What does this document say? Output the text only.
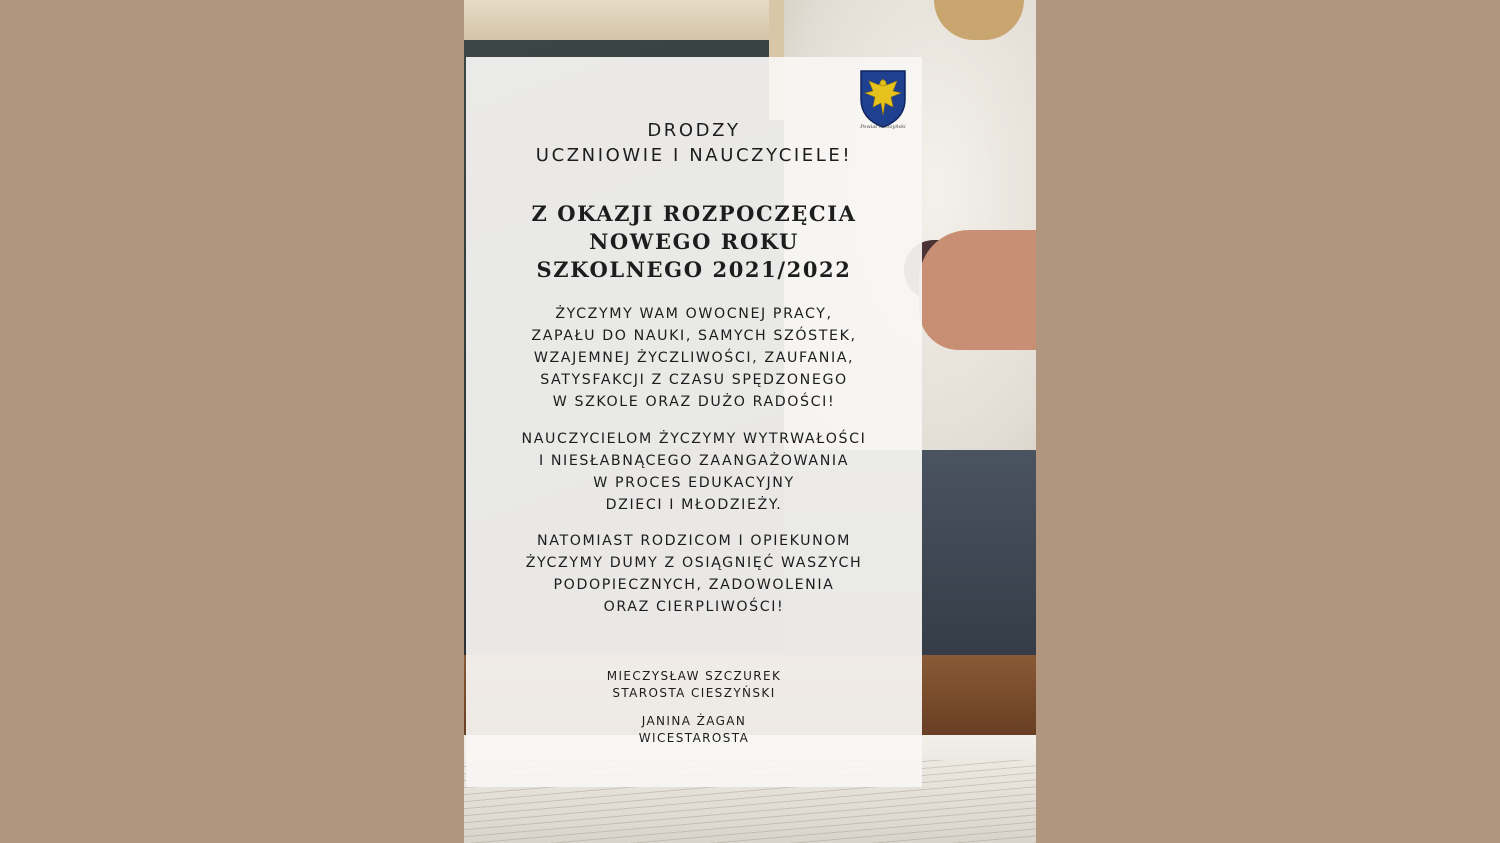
Powiat Cieszyński

DRODZY
UCZNIOWIE I NAUCZYCIELE!

Z OKAZJI ROZPOCZĘCIA
NOWEGO ROKU
SZKOLNEGO 2021/2022

ŻYCZYMY WAM OWOCNEJ PRACY,
ZAPAŁU DO NAUKI, SAMYCH SZÓSTEK,
WZAJEMNEJ ŻYCZLIWOŚCI, ZAUFANIA,
SATYSFAKCJI Z CZASU SPĘDZONEGO
W SZKOLE ORAZ DUŻO RADOŚCI!

NAUCZYCIELOM ŻYCZYMY WYTRWAŁOŚCI
I NIESŁABNĄCEGO ZAANGAŻOWANIA
W PROCES EDUKACYJNY
DZIECI I MŁODZIEŻY.

NATOMIAST RODZICOM I OPIEKUNOM
ŻYCZYMY DUMY Z OSIĄGNIĘĆ WASZYCH
PODOPIECZNYCH, ZADOWOLENIA
ORAZ CIERPLIWOŚCI!

MIECZYSŁAW SZCZUREK
STAROSTA CIESZYŃSKI

JANINA ŻAGAN
WICESTAROSTA
